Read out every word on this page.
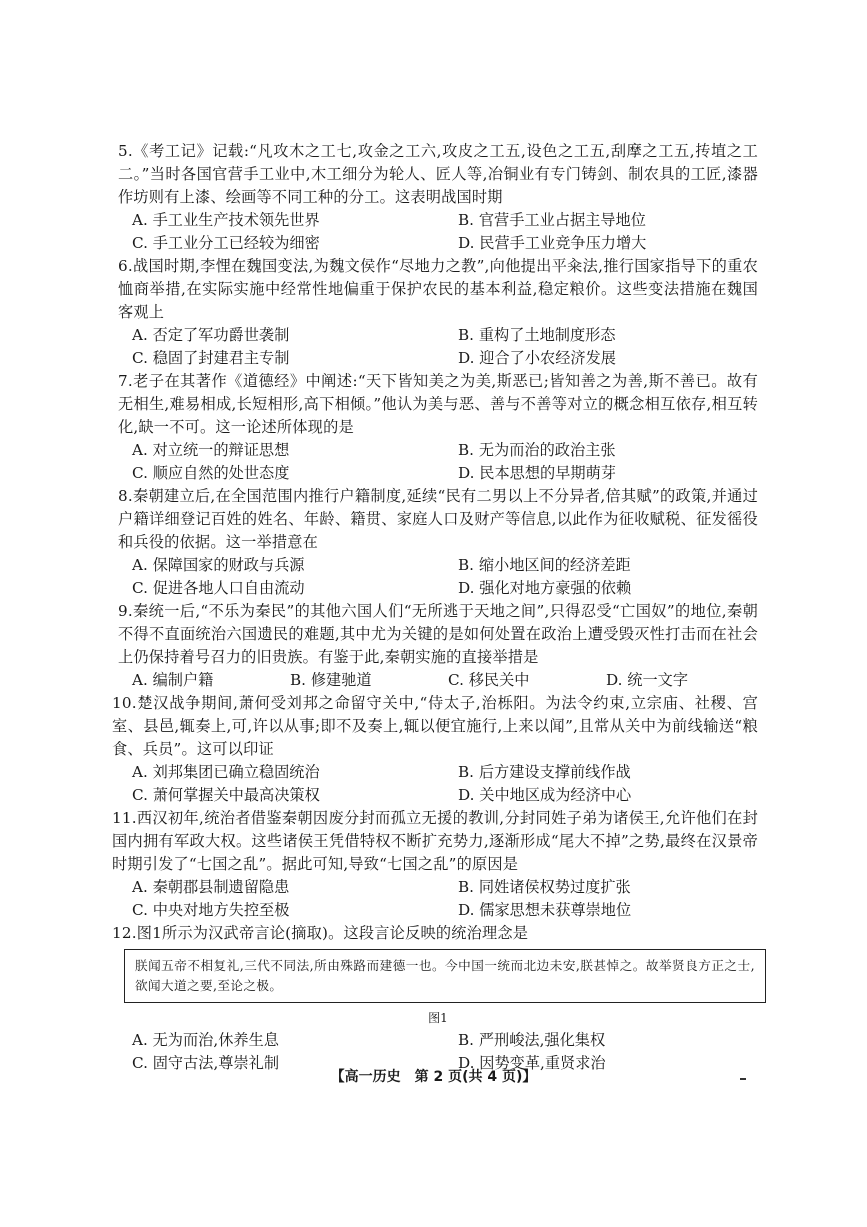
5.《考工记》记载:“凡攻木之工七,攻金之工六,攻皮之工五,设色之工五,刮摩之工五,抟埴之工二。”当时各国官营手工业中,木工细分为轮人、匠人等,冶铜业有专门铸剑、制农具的工匠,漆器作坊则有上漆、绘画等不同工种的分工。这表明战国时期
A. 手工业生产技术领先世界	B. 官营手工业占据主导地位
C. 手工业分工已经较为细密	D. 民营手工业竞争压力增大
6.战国时期,李悝在魏国变法,为魏文侯作“尽地力之教”,向他提出平籴法,推行国家指导下的重农恤商举措,在实际实施中经常性地偏重于保护农民的基本利益,稳定粮价。这些变法措施在魏国客观上
A. 否定了军功爵世袭制	B. 重构了土地制度形态
C. 稳固了封建君主专制	D. 迎合了小农经济发展
7.老子在其著作《道德经》中阐述:“天下皆知美之为美,斯恶已;皆知善之为善,斯不善已。故有无相生,难易相成,长短相形,高下相倾。”他认为美与恶、善与不善等对立的概念相互依存,相互转化,缺一不可。这一论述所体现的是
A. 对立统一的辩证思想	B. 无为而治的政治主张
C. 顺应自然的处世态度	D. 民本思想的早期萌芽
8.秦朝建立后,在全国范围内推行户籍制度,延续“民有二男以上不分异者,倍其赋”的政策,并通过户籍详细登记百姓的姓名、年龄、籍贯、家庭人口及财产等信息,以此作为征收赋税、征发徭役和兵役的依据。这一举措意在
A. 保障国家的财政与兵源	B. 缩小地区间的经济差距
C. 促进各地人口自由流动	D. 强化对地方豪强的依赖
9.秦统一后,“不乐为秦民”的其他六国人们“无所逃于天地之间”,只得忍受“亡国奴”的地位,秦朝不得不直面统治六国遗民的难题,其中尤为关键的是如何处置在政治上遭受毁灭性打击而在社会上仍保持着号召力的旧贵族。有鉴于此,秦朝实施的直接举措是
A. 编制户籍	B. 修建驰道	C. 移民关中	D. 统一文字
10.楚汉战争期间,萧何受刘邦之命留守关中,“侍太子,治栎阳。为法令约束,立宗庙、社稷、宫室、县邑,辄奏上,可,许以从事;即不及奏上,辄以便宜施行,上来以闻”,且常从关中为前线输送“粮食、兵员”。这可以印证
A. 刘邦集团已确立稳固统治	B. 后方建设支撑前线作战
C. 萧何掌握关中最高决策权	D. 关中地区成为经济中心
11.西汉初年,统治者借鉴秦朝因废分封而孤立无援的教训,分封同姓子弟为诸侯王,允许他们在封国内拥有军政大权。这些诸侯王凭借特权不断扩充势力,逐渐形成“尾大不掉”之势,最终在汉景帝时期引发了“七国之乱”。据此可知,导致“七国之乱”的原因是
A. 秦朝郡县制遗留隐患	B. 同姓诸侯权势过度扩张
C. 中央对地方失控至极	D. 儒家思想未获尊崇地位
12.图1所示为汉武帝言论(摘取)。这段言论反映的统治理念是
朕闻五帝不相复礼,三代不同法,所由殊路而建德一也。今中国一统而北边未安,朕甚悼之。故举贤良方正之士,欲闻大道之要,至论之极。
图1
A. 无为而治,休养生息	B. 严刑峻法,强化集权
C. 固守古法,尊崇礼制	D. 因势变革,重贤求治
【高一历史　第 2 页(共 4 页)】
